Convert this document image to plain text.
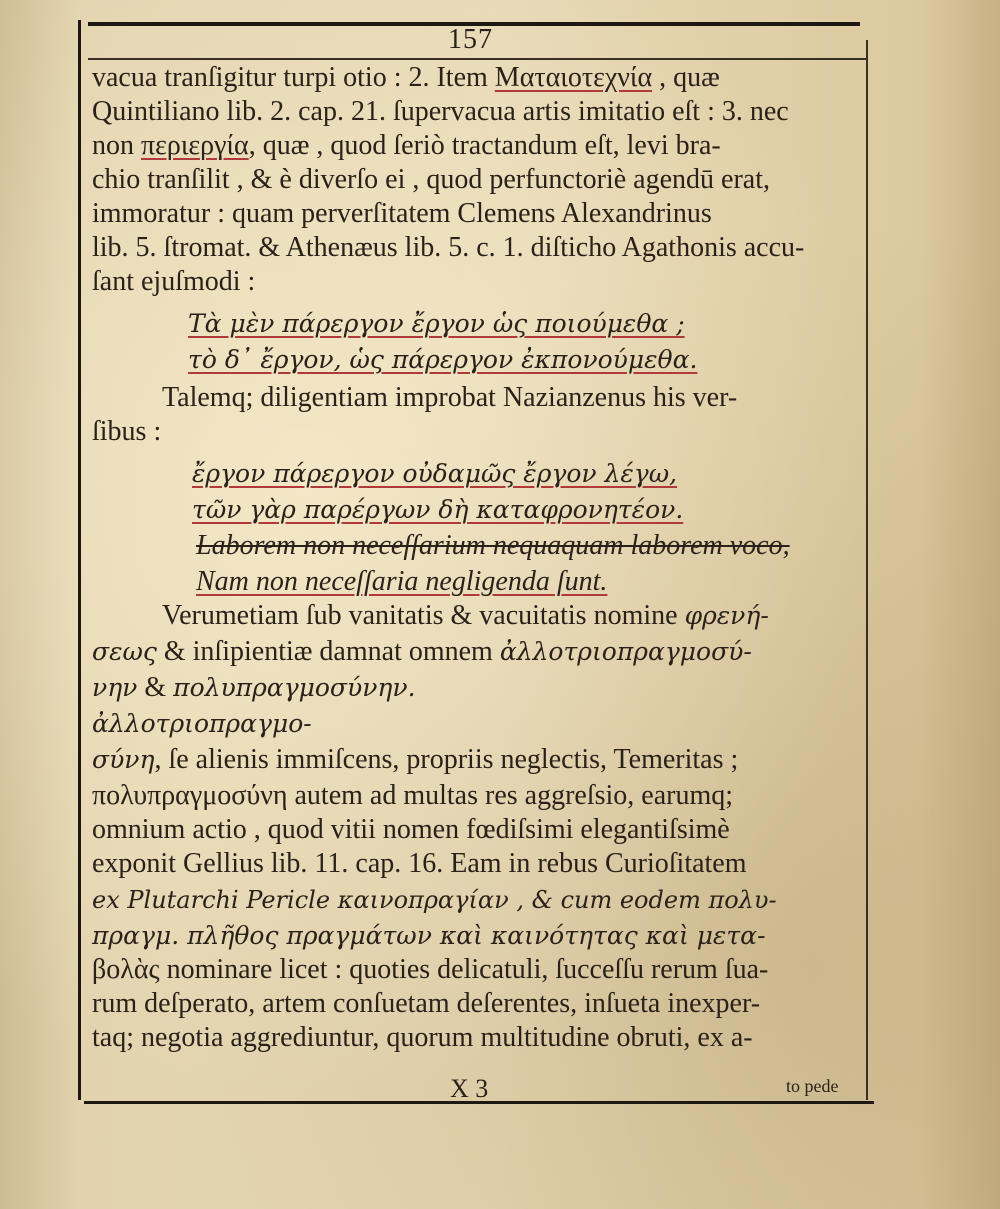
157
vacua tranſigitur turpi otio : 2. Item Ματαιοτεχνία , quæ
Quintiliano lib. 2. cap. 21. ſupervacua artis imitatio eſt : 3. nec
non περιεργία, quæ , quod ſeriò tractandum eſt, levi bra-
chio tranſilit , & è diverſo ei , quod perfunctoriè agendū erat,
immoratur : quam perverſitatem Clemens Alexandrinus
lib. 5. ſtromat. & Athenæus lib. 5. c. 1. diſticho Agathonis accu-
ſant ejuſmodi :
Τὰ μὲν πάρεργον ἔργον ὡς ποιούμεθα ;
τὸ δ᾽ ἔργον, ὡς πάρεργον ἐκπονούμεθα.
Talemq; diligentiam improbat Nazianzenus his ver-
ſibus :
ἔργον πάρεργον οὐδαμῶς ἔργον λέγω,
τῶν γὰρ παρέργων δὴ καταφρονητέον.
Laborem non neceſſarium nequaquam laborem voco,
Nam non neceſſaria negligenda ſunt.
Verumetiam ſub vanitatis & vacuitatis nomine φρενή-
σεως & inſipientiæ damnat omnem ἀλλοτριοπραγμοσύ-
νην & πολυπραγμοσύνην.
ἀλλοτριοπραγμο-
σύνη, ſe alienis immiſcens, propriis neglectis, Temeritas ;
πολυπραγμοσύνη autem ad multas res aggreſsio, earumq;
omnium actio , quod vitii nomen fœdiſsimi elegantiſsimè
exponit Gellius lib. 11. cap. 16. Eam in rebus Curioſitatem
ex Plutarchi Pericle καινοπραγίαν , & cum eodem πολυ-
πραγμ. πλῆθος πραγμάτων καὶ καινότητας καὶ μετα-
βολὰς nominare licet : quoties delicatuli, ſucceſſu rerum ſua-
rum deſperato, artem conſuetam deſerentes, inſueta inexper-
taq; negotia aggrediuntur, quorum multitudine obruti, ex a-
X 3	to pede
